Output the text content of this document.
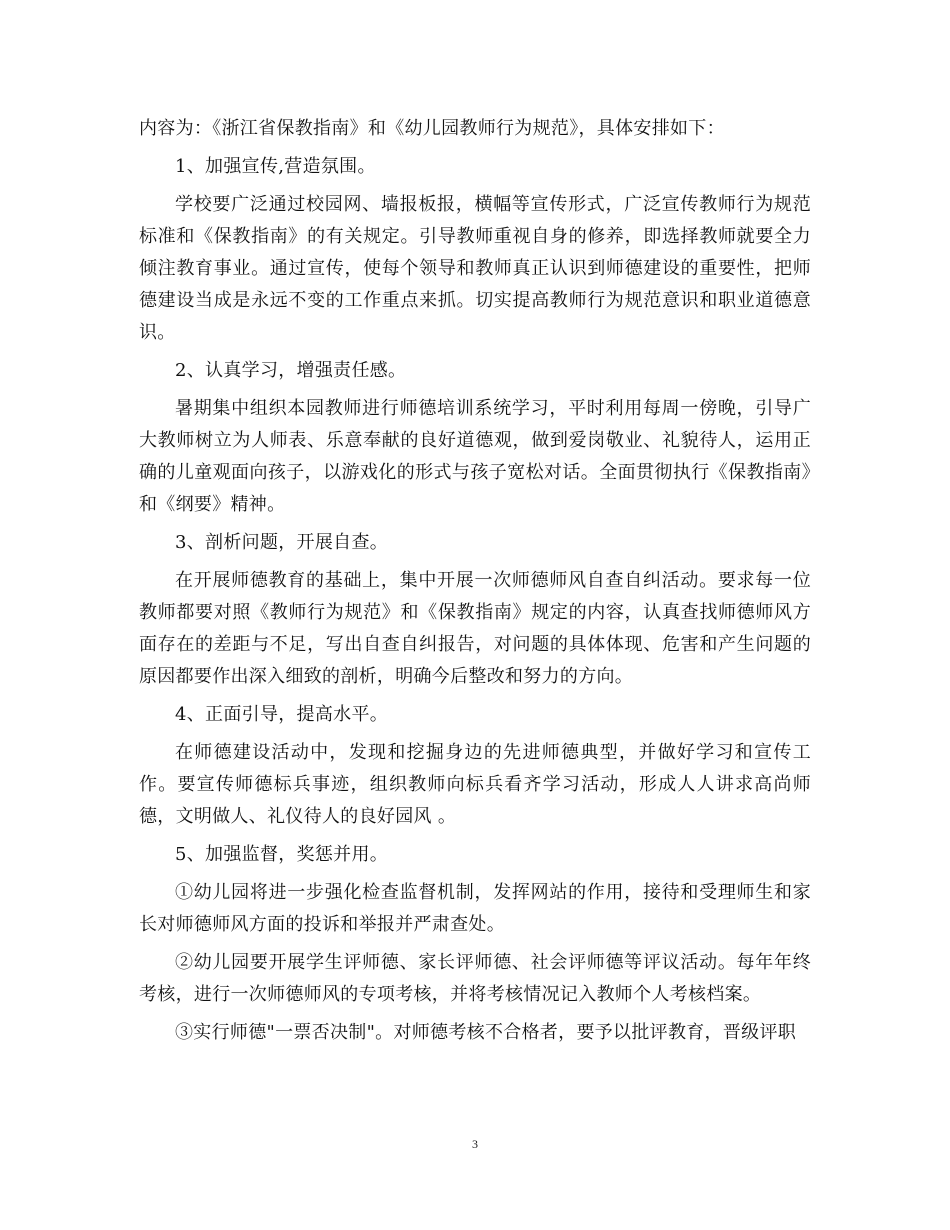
内容为：《浙江省保教指南》和《幼儿园教师行为规范》，具体安排如下：

1、加强宣传,营造氛围。

学校要广泛通过校园网、墙报板报，横幅等宣传形式，广泛宣传教师行为规范标准和《保教指南》的有关规定。引导教师重视自身的修养，即选择教师就要全力倾注教育事业。通过宣传，使每个领导和教师真正认识到师德建设的重要性，把师德建设当成是永远不变的工作重点来抓。切实提高教师行为规范意识和职业道德意识。

2、认真学习，增强责任感。

暑期集中组织本园教师进行师德培训系统学习，平时利用每周一傍晚，引导广大教师树立为人师表、乐意奉献的良好道德观，做到爱岗敬业、礼貌待人，运用正确的儿童观面向孩子，以游戏化的形式与孩子宽松对话。全面贯彻执行《保教指南》和《纲要》精神。

3、剖析问题，开展自查。

在开展师德教育的基础上，集中开展一次师德师风自查自纠活动。要求每一位教师都要对照《教师行为规范》和《保教指南》规定的内容，认真查找师德师风方面存在的差距与不足，写出自查自纠报告，对问题的具体体现、危害和产生问题的原因都要作出深入细致的剖析，明确今后整改和努力的方向。

4、正面引导，提高水平。

在师德建设活动中，发现和挖掘身边的先进师德典型，并做好学习和宣传工作。要宣传师德标兵事迹，组织教师向标兵看齐学习活动，形成人人讲求高尚师德，文明做人、礼仪待人的良好园风 。

5、加强监督，奖惩并用。

①幼儿园将进一步强化检查监督机制，发挥网站的作用，接待和受理师生和家长对师德师风方面的投诉和举报并严肃查处。

②幼儿园要开展学生评师德、家长评师德、社会评师德等评议活动。每年年终考核，进行一次师德师风的专项考核，并将考核情况记入教师个人考核档案。

③实行师德"一票否决制"。对师德考核不合格者，要予以批评教育，晋级评职

3
